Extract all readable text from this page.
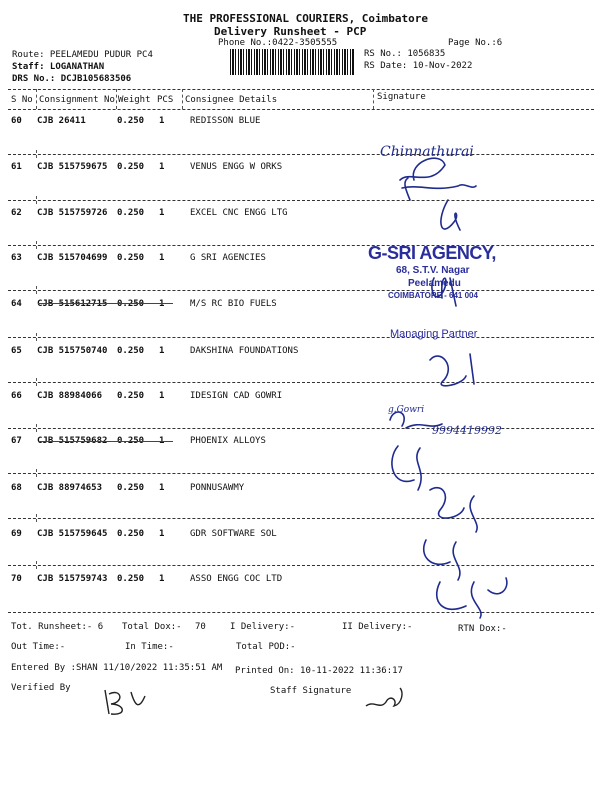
THE PROFESSIONAL COURIERS, Coimbatore
Delivery Runsheet - PCP
Phone No.:0422-3505555	Page No.:6
Route: PEELAMEDU PUDUR PC4
Staff: LOGANATHAN
DRS No.: DCJB105683506
RS No.: 1056835
RS Date: 10-Nov-2022
S No Consignment No Weight PCS Consignee Details	Signature
60 CJB 26411	0.250 1	REDISSON BLUE
61 CJB 515759675 0.250 1	VENUS ENGG W ORKS
62 CJB 515759726 0.250 1	EXCEL CNC ENGG LTG
63 CJB 515704699 0.250 1	G SRI AGENCIES
64 CJB 515612715 0.250 1	M/S RC BIO FUELS
65 CJB 515750740 0.250 1	DAKSHINA FOUNDATIONS
66 CJB 88984066 0.250 1	IDESIGN CAD GOWRI
67 CJB 515759682 0.250 1	PHOENIX ALLOYS
68 CJB 88974653 0.250 1	PONNUSAWMY
69 CJB 515759645 0.250 1	GDR SOFTWARE SOL
70 CJB 515759743 0.250 1	ASSO ENGG COC LTD
Tot. Runsheet:- 6 Total Dox:- 70	I Delivery:-	II Delivery:-	RTN Dox:-
Out Time:-	In Time:-	Total POD:-
Entered By :SHAN 11/10/2022 11:35:51 AM Printed On: 10-11-2022 11:36:17
Verified By	Staff Signature
G-SRI AGENCY,
68, S.T.V. Nagar
Peelamedu
COIMBATORE - 641 004
Managing Partner
Chinnathurai
g.Gowri
9994419992
